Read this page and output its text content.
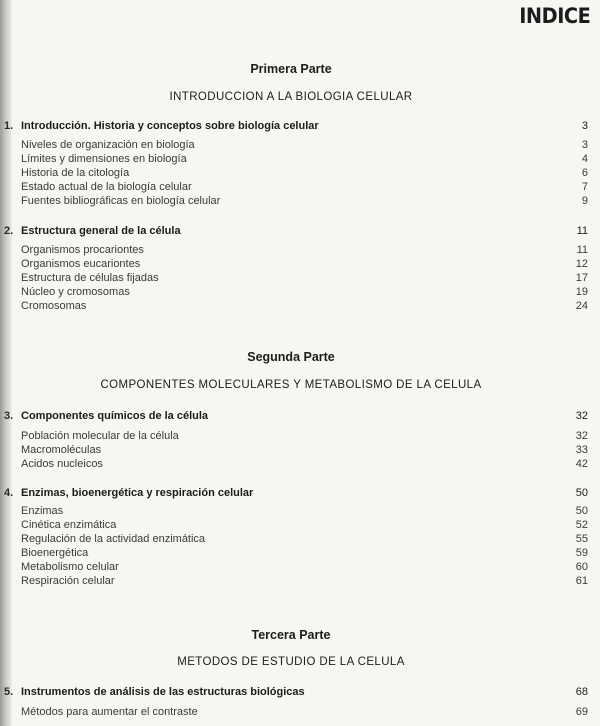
INDICE
Primera Parte
INTRODUCCION A LA BIOLOGIA CELULAR
1. Introducción. Historia y conceptos sobre biología celular	3
Niveles de organización en biología	3
Límites y dimensiones en biología	4
Historia de la citología	6
Estado actual de la biología celular	7
Fuentes bibliográficas en biología celular	9
2. Estructura general de la célula	11
Organismos procariontes	11
Organismos eucariontes	12
Estructura de células fijadas	17
Núcleo y cromosomas	19
Cromosomas	24
Segunda Parte
COMPONENTES MOLECULARES Y METABOLISMO DE LA CELULA
3. Componentes químicos de la célula	32
Población molecular de la célula	32
Macromoléculas	33
Acidos nucleicos	42
4. Enzimas, bioenergética y respiración celular	50
Enzimas	50
Cinética enzimática	52
Regulación de la actividad enzimática	55
Bioenergética	59
Metabolismo celular	60
Respiración celular	61
Tercera Parte
METODOS DE ESTUDIO DE LA CELULA
5. Instrumentos de análisis de las estructuras biológicas	68
Métodos para aumentar el contraste	69
